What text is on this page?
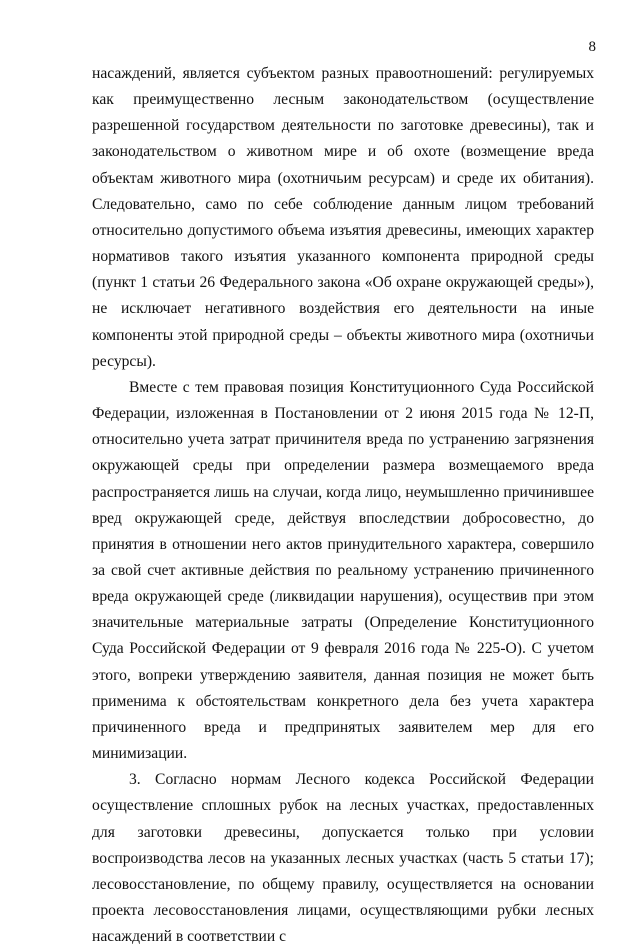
8

насаждений, является субъектом разных правоотношений: регулируемых как преимущественно лесным законодательством (осуществление разрешенной государством деятельности по заготовке древесины), так и законодательством о животном мире и об охоте (возмещение вреда объектам животного мира (охотничьим ресурсам) и среде их обитания). Следовательно, само по себе соблюдение данным лицом требований относительно допустимого объема изъятия древесины, имеющих характер нормативов такого изъятия указанного компонента природной среды (пункт 1 статьи 26 Федерального закона «Об охране окружающей среды»), не исключает негативного воздействия его деятельности на иные компоненты этой природной среды – объекты животного мира (охотничьи ресурсы).

Вместе с тем правовая позиция Конституционного Суда Российской Федерации, изложенная в Постановлении от 2 июня 2015 года № 12-П, относительно учета затрат причинителя вреда по устранению загрязнения окружающей среды при определении размера возмещаемого вреда распространяется лишь на случаи, когда лицо, неумышленно причинившее вред окружающей среде, действуя впоследствии добросовестно, до принятия в отношении него актов принудительного характера, совершило за свой счет активные действия по реальному устранению причиненного вреда окружающей среде (ликвидации нарушения), осуществив при этом значительные материальные затраты (Определение Конституционного Суда Российской Федерации от 9 февраля 2016 года № 225-О). С учетом этого, вопреки утверждению заявителя, данная позиция не может быть применима к обстоятельствам конкретного дела без учета характера причиненного вреда и предпринятых заявителем мер для его минимизации.

3. Согласно нормам Лесного кодекса Российской Федерации осуществление сплошных рубок на лесных участках, предоставленных для заготовки древесины, допускается только при условии воспроизводства лесов на указанных лесных участках (часть 5 статьи 17); лесовосстановление, по общему правилу, осуществляется на основании проекта лесовосстановления лицами, осуществляющими рубки лесных насаждений в соответствии с
